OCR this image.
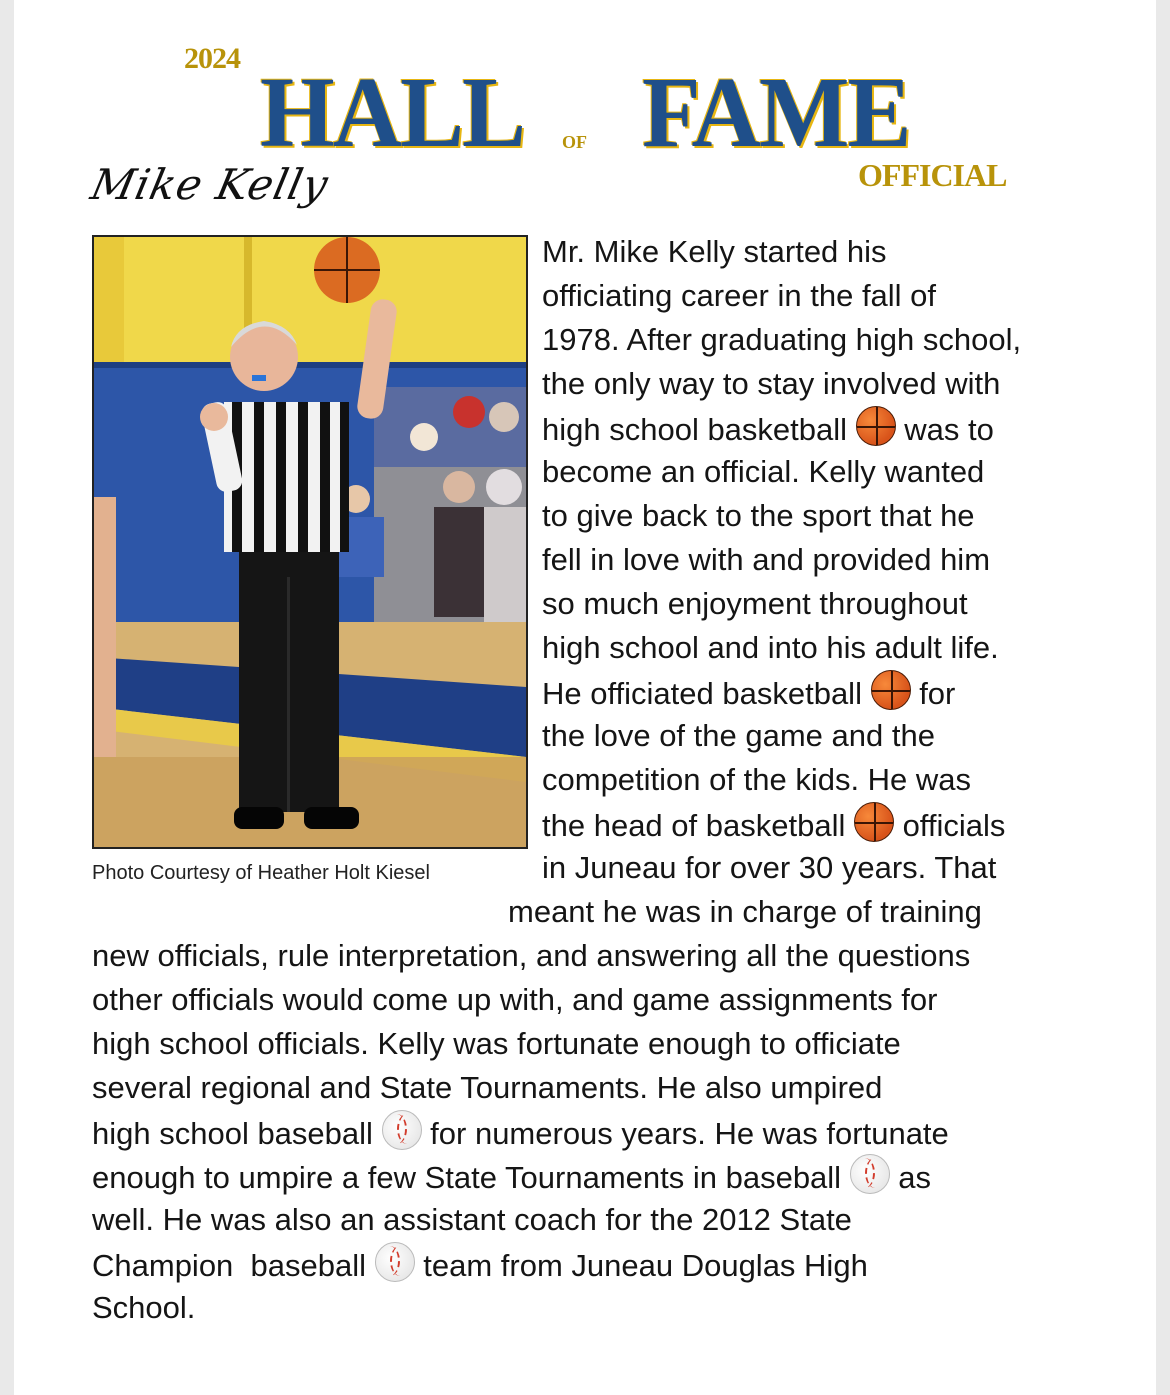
2024 HALL OF FAME
OFFICIAL
Mike Kelly
Photo Courtesy of Heather Holt Kiesel
Mr. Mike Kelly started his
officiating career in the fall of
1978. After graduating high school,
the only way to stay involved with
high school basketball  was to
become an official. Kelly wanted
to give back to the sport that he
fell in love with and provided him
so much enjoyment throughout
high school and into his adult life.
He officiated basketball  for
the love of the game and the
competition of the kids. He was
the head of basketball  officials
in Juneau for over 30 years. That
meant he was in charge of training
new officials, rule interpretation, and answering all the questions
other officials would come up with, and game assignments for
high school officials. Kelly was fortunate enough to officiate
several regional and State Tournaments. He also umpired
high school baseball  for numerous years. He was fortunate
enough to umpire a few State Tournaments in baseball  as
well. He was also an assistant coach for the 2012 State
Champion  baseball  team from Juneau Douglas High
School.
